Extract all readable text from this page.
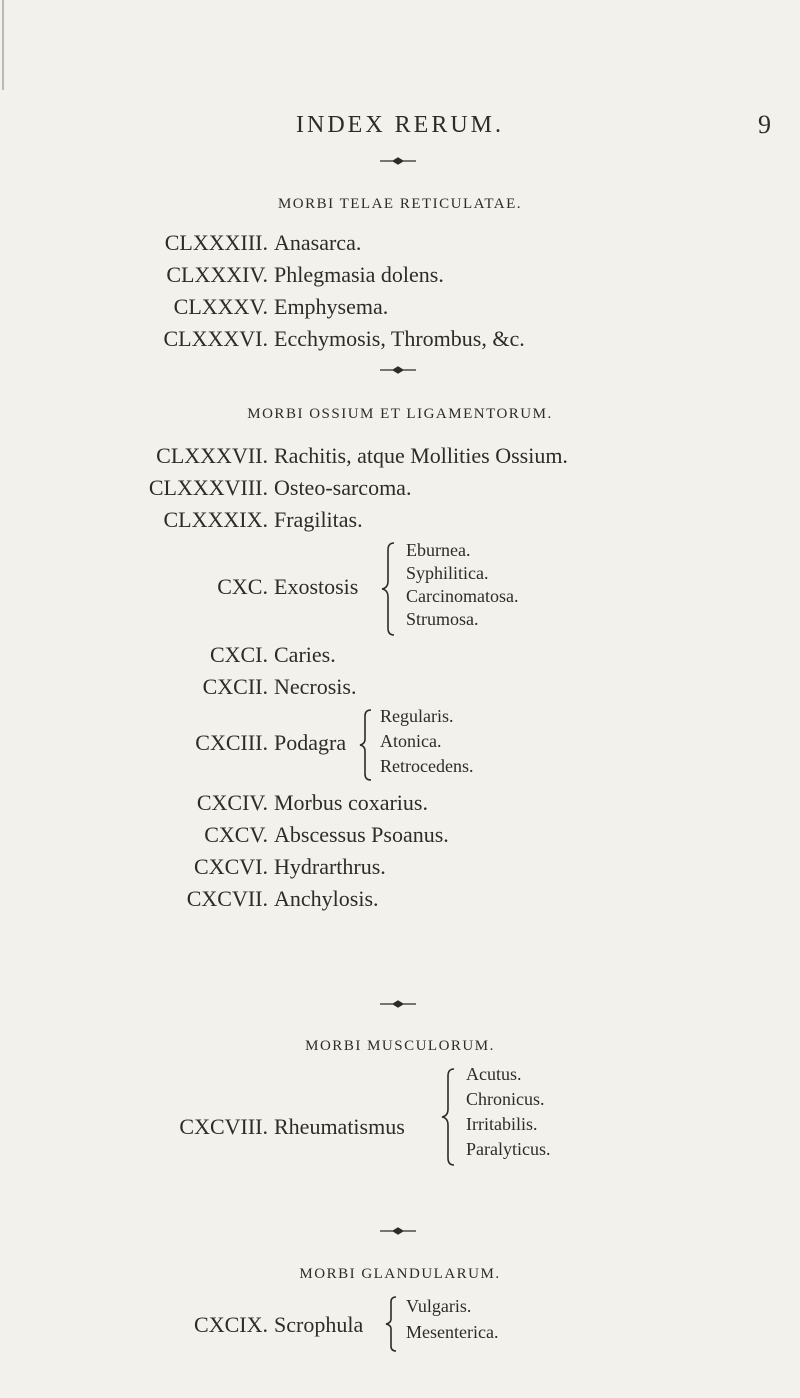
INDEX RERUM.	9
MORBI TELAE RETICULATAE.
CLXXXIII. Anasarca.
CLXXXIV. Phlegmasia dolens.
CLXXXV. Emphysema.
CLXXXVI. Ecchymosis, Thrombus, &c.
MORBI OSSIUM ET LIGAMENTORUM.
CLXXXVII. Rachitis, atque Mollities Ossium.
CLXXXVIII. Osteo-sarcoma.
CLXXXIX. Fragilitas.
CXC. Exostosis
Eburnea.
Syphilitica.
Carcinomatosa.
Strumosa.
CXCI. Caries.
CXCII. Necrosis.
CXCIII. Podagra
Regularis.
Atonica.
Retrocedens.
CXCIV. Morbus coxarius.
CXCV. Abscessus Psoanus.
CXCVI. Hydrarthrus.
CXCVII. Anchylosis.
MORBI MUSCULORUM.
CXCVIII. Rheumatismus
Acutus.
Chronicus.
Irritabilis.
Paralyticus.
MORBI GLANDULARUM.
CXCIX. Scrophula
Vulgaris.
Mesenterica.
